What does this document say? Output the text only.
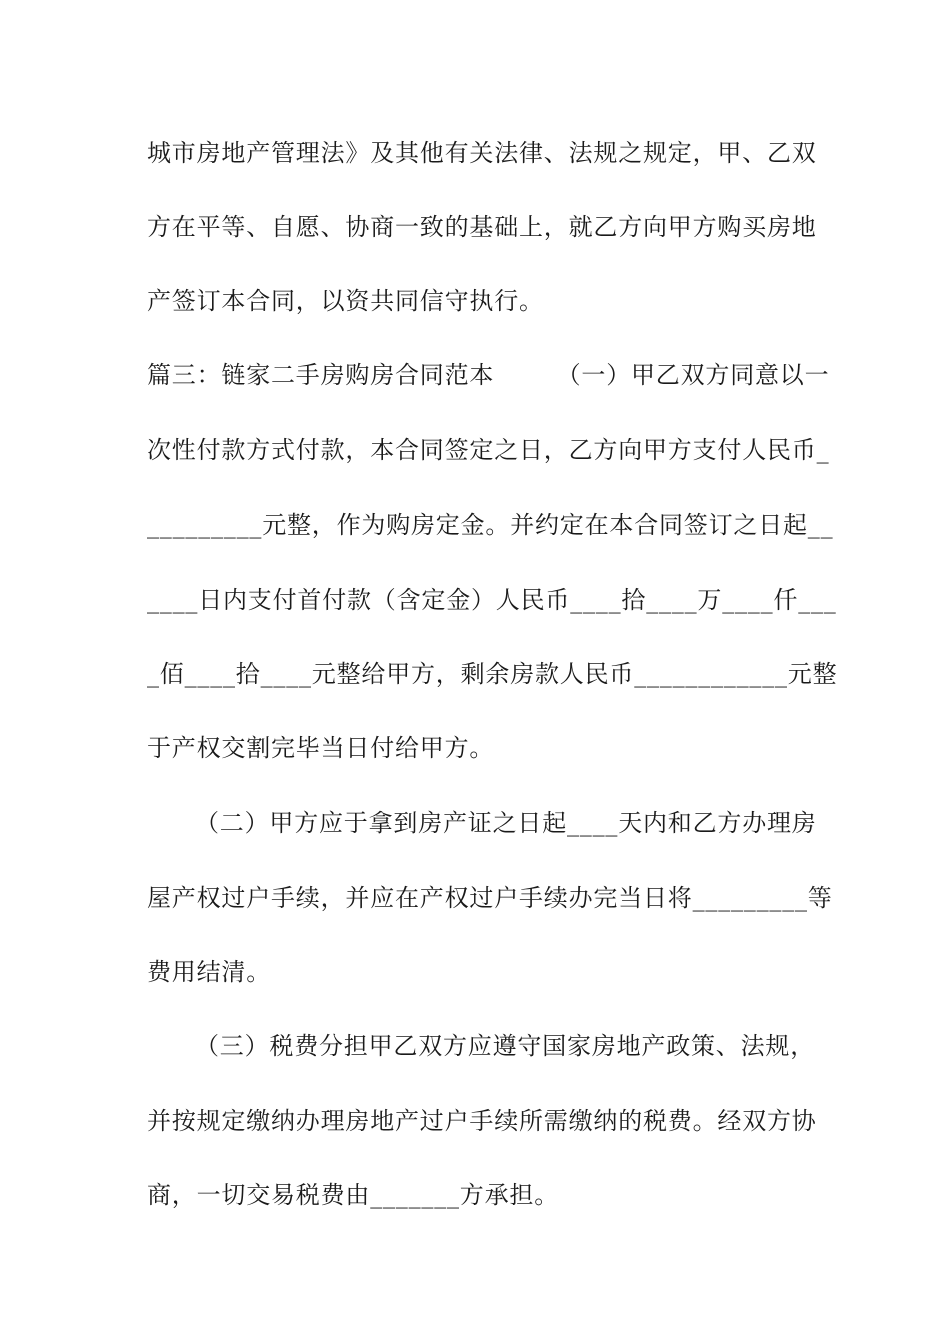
城市房地产管理法》及其他有关法律、法规之规定，甲、乙双
方在平等、自愿、协商一致的基础上，就乙方向甲方购买房地
产签订本合同，以资共同信守执行。
篇三：链家二手房购房合同范本　　　（一）甲乙双方同意以一
次性付款方式付款，本合同签定之日，乙方向甲方支付人民币_
_________元整，作为购房定金。并约定在本合同签订之日起__
____日内支付首付款（含定金）人民币____拾____万____仟___
_佰____拾____元整给甲方，剩余房款人民币____________元整
于产权交割完毕当日付给甲方。
（二）甲方应于拿到房产证之日起____天内和乙方办理房
屋产权过户手续，并应在产权过户手续办完当日将_________等
费用结清。
（三）税费分担甲乙双方应遵守国家房地产政策、法规，
并按规定缴纳办理房地产过户手续所需缴纳的税费。经双方协
商，一切交易税费由_______方承担。
